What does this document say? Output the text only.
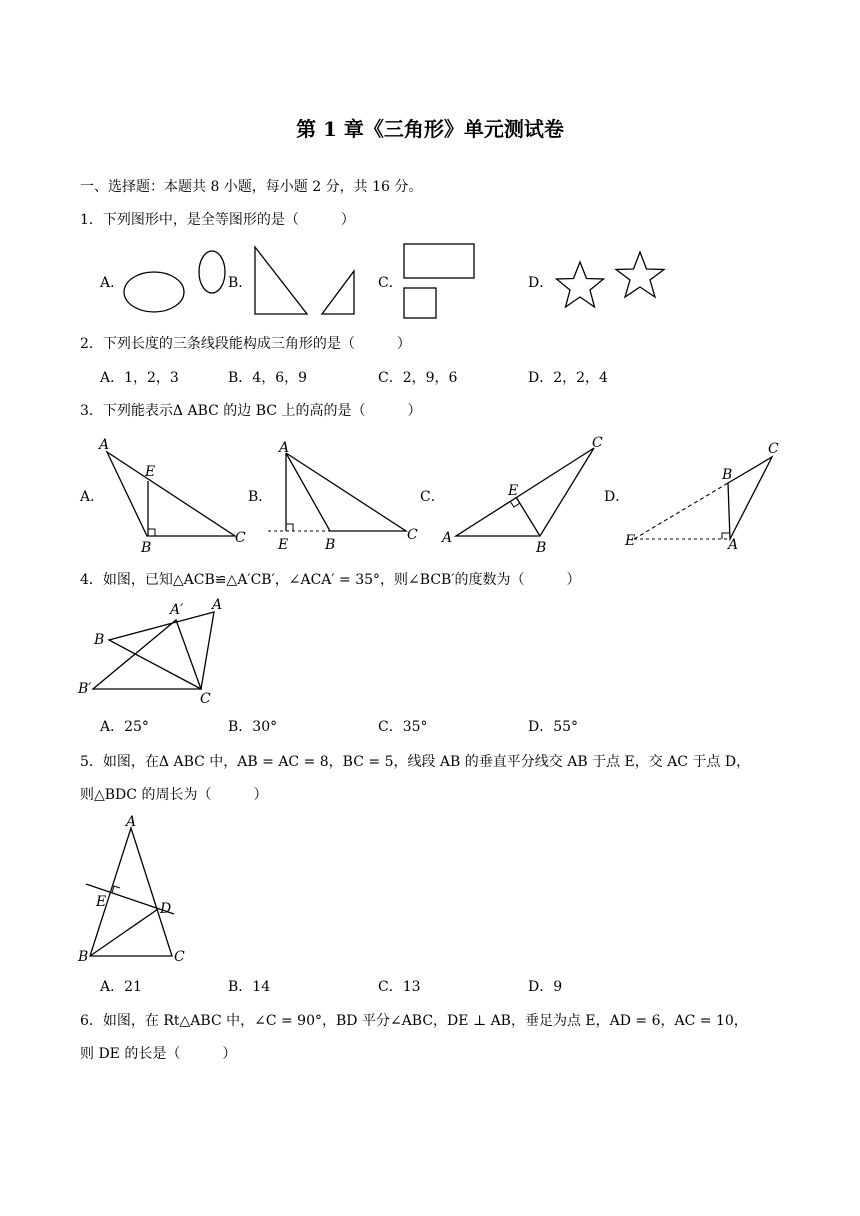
第 1 章《三角形》单元测试卷
一、选择题：本题共 8 小题，每小题 2 分，共 16 分。
1．下列图形中，是全等图形的是（　　　）
A．	B．	C．	D．
2．下列长度的三条线段能构成三角形的是（　　　）
A．1，2，3	B．4，6，9	C．2，9，6	D．2，2，4
3．下列能表示Δ ABC 的边 BC 上的高的是（　　　）
A．	B．	C．	D．
A
E
B
C
A
E	B
C
C
E
A
B
C
B
E	A
4．如图，已知△ACB≌△A′CB′，∠ACA′ = 35°，则∠BCB′的度数为（　　　）
A′ A
B
B′
C
A．25°	B．30°	C．35°	D．55°
5．如图，在Δ ABC 中，AB = AC = 8，BC = 5，线段 AB 的垂直平分线交 AB 于点 E，交 AC 于点 D，
则△BDC 的周长为（　　　）
A
E	D
B	C
A．21	B．14	C．13	D．9
6．如图，在 Rt△ABC 中，∠C = 90°，BD 平分∠ABC，DE ⊥ AB，垂足为点 E，AD = 6，AC = 10，
则 DE 的长是（　　　）
